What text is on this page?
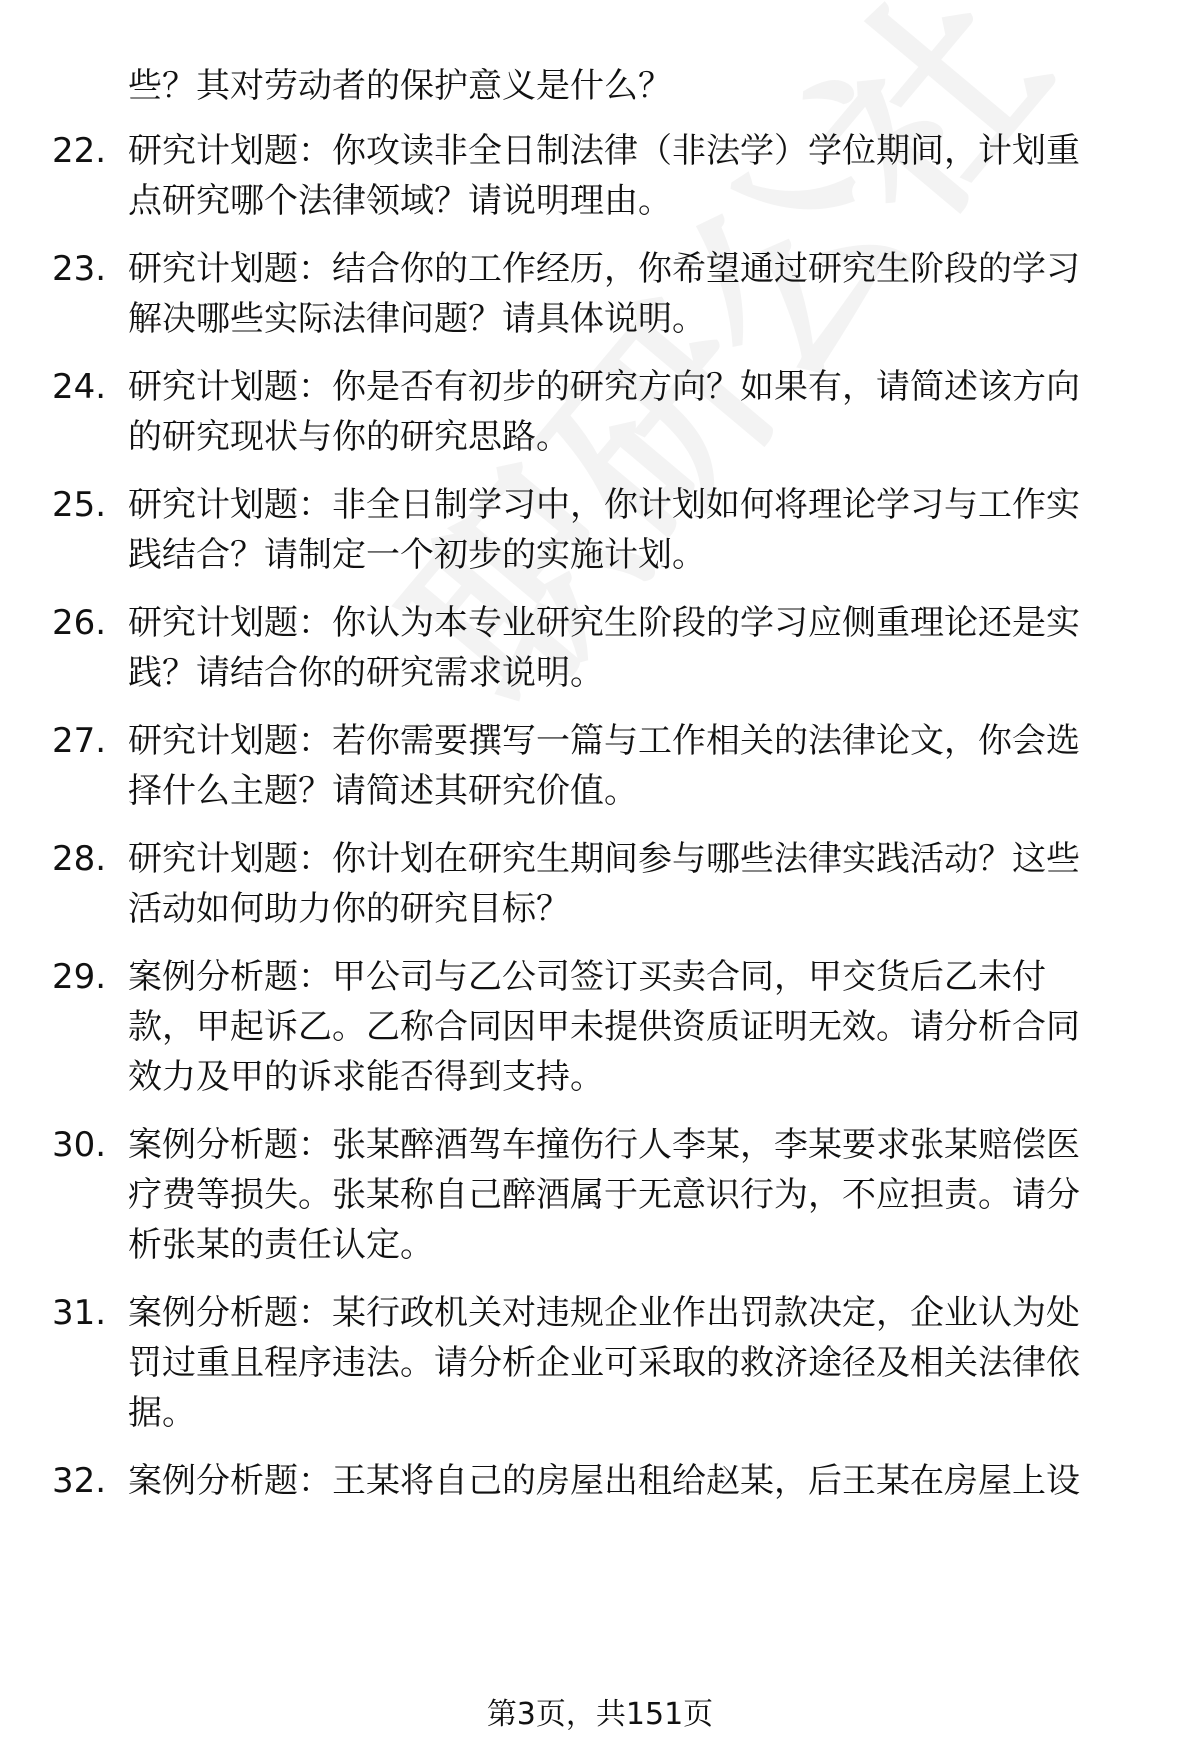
些？其对劳动者的保护意义是什么？
22. 研究计划题：你攻读非全日制法律（非法学）学位期间，计划重
点研究哪个法律领域？请说明理由。
23. 研究计划题：结合你的工作经历，你希望通过研究生阶段的学习
解决哪些实际法律问题？请具体说明。
24. 研究计划题：你是否有初步的研究方向？如果有，请简述该方向
的研究现状与你的研究思路。
25. 研究计划题：非全日制学习中，你计划如何将理论学习与工作实
践结合？请制定一个初步的实施计划。
26. 研究计划题：你认为本专业研究生阶段的学习应侧重理论还是实
践？请结合你的研究需求说明。
27. 研究计划题：若你需要撰写一篇与工作相关的法律论文，你会选
择什么主题？请简述其研究价值。
28. 研究计划题：你计划在研究生期间参与哪些法律实践活动？这些
活动如何助力你的研究目标？
29. 案例分析题：甲公司与乙公司签订买卖合同，甲交货后乙未付
款，甲起诉乙。乙称合同因甲未提供资质证明无效。请分析合同
效力及甲的诉求能否得到支持。
30. 案例分析题：张某醉酒驾车撞伤行人李某，李某要求张某赔偿医
疗费等损失。张某称自己醉酒属于无意识行为，不应担责。请分
析张某的责任认定。
31. 案例分析题：某行政机关对违规企业作出罚款决定，企业认为处
罚过重且程序违法。请分析企业可采取的救济途径及相关法律依
据。
32. 案例分析题：王某将自己的房屋出租给赵某，后王某在房屋上设
第3页，共151页
